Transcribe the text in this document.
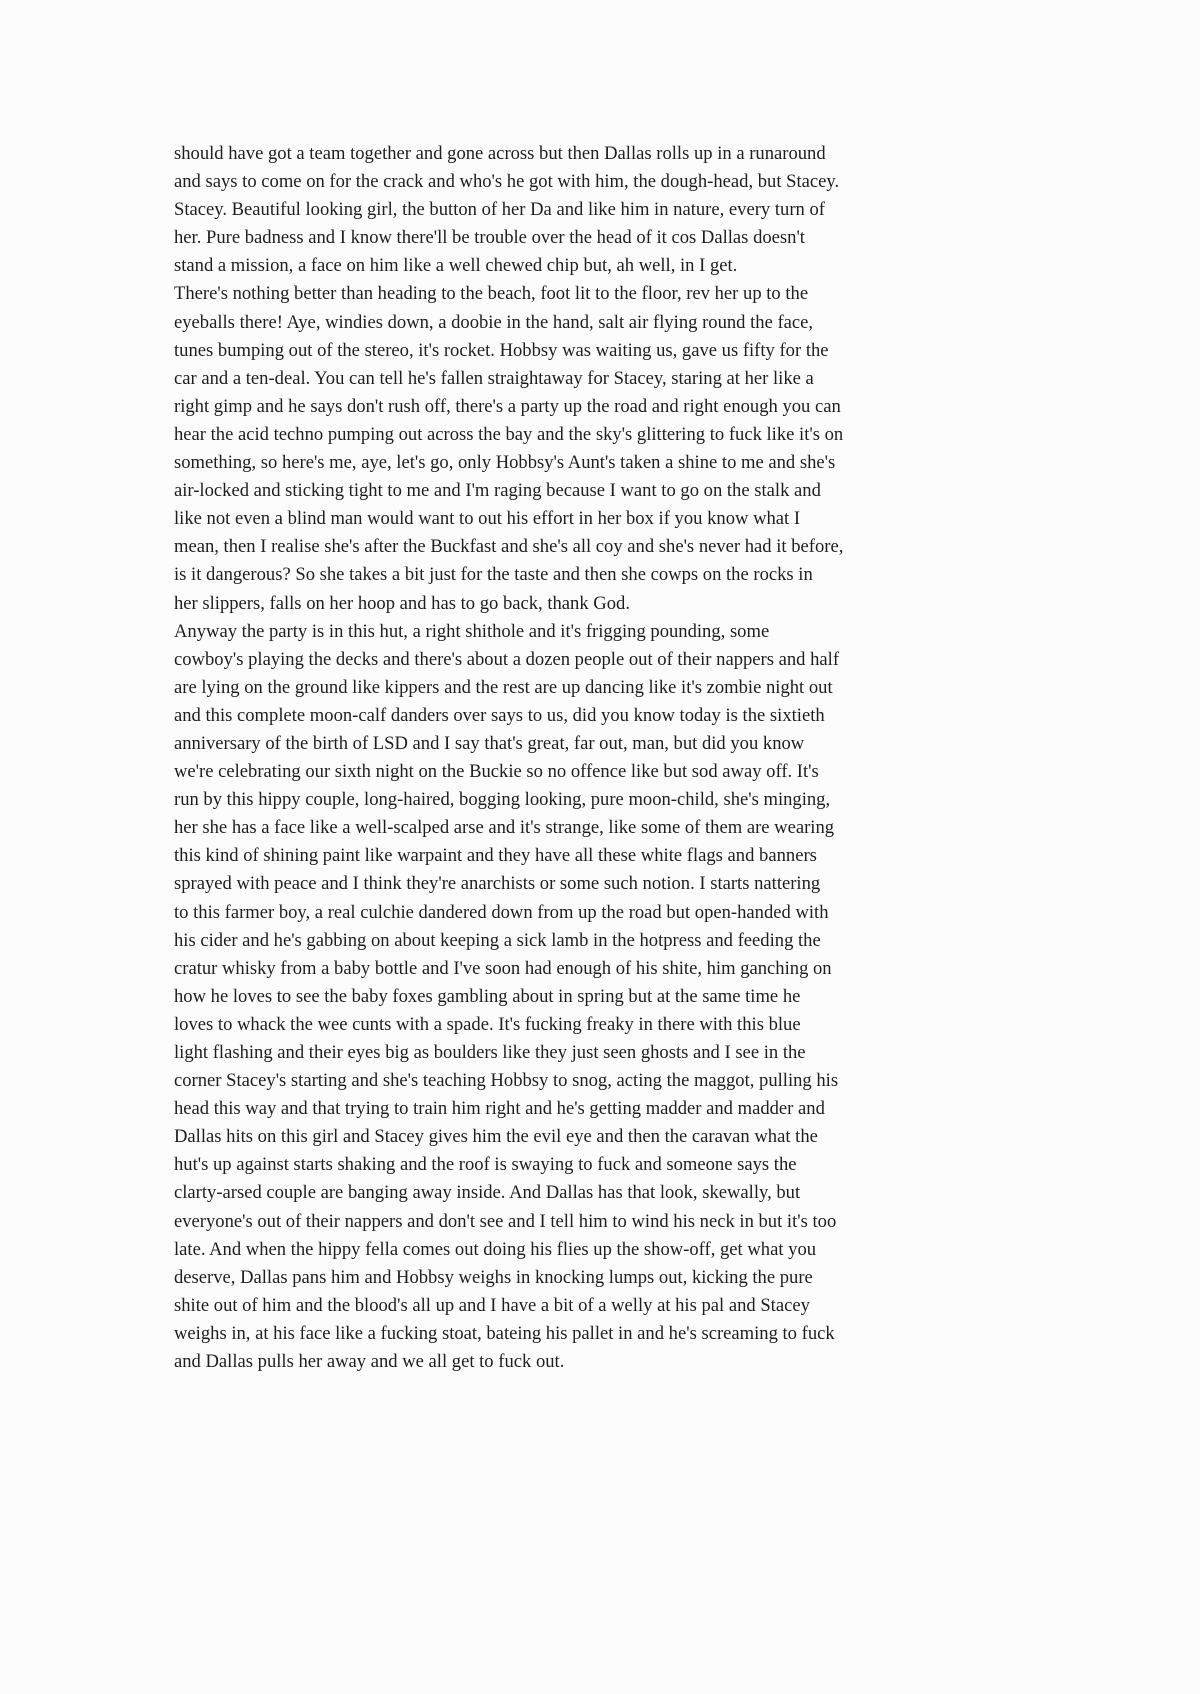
should have got a team together and gone across but then Dallas rolls up in a runaround
and says to come on for the crack and who's he got with him, the dough-head, but Stacey.
Stacey. Beautiful looking girl, the button of her Da and like him in nature, every turn of
her. Pure badness and I know there'll be trouble over the head of it cos Dallas doesn't
stand a mission, a face on him like a well chewed chip but, ah well, in I get.
There's nothing better than heading to the beach, foot lit to the floor, rev her up to the
eyeballs there! Aye, windies down, a doobie in the hand, salt air flying round the face,
tunes bumping out of the stereo, it's rocket. Hobbsy was waiting us, gave us fifty for the
car and a ten-deal. You can tell he's fallen straightaway for Stacey, staring at her like a
right gimp and he says don't rush off, there's a party up the road and right enough you can
hear the acid techno pumping out across the bay and the sky's glittering to fuck like it's on
something, so here's me, aye, let's go, only Hobbsy's Aunt's taken a shine to me and she's
air-locked and sticking tight to me and I'm raging because I want to go on the stalk and
like not even a blind man would want to out his effort in her box if you know what I
mean, then I realise she's after the Buckfast and she's all coy and she's never had it before,
is it dangerous? So she takes a bit just for the taste and then she cowps on the rocks in
her slippers, falls on her hoop and has to go back, thank God.
Anyway the party is in this hut, a right shithole and it's frigging pounding, some
cowboy's playing the decks and there's about a dozen people out of their nappers and half
are lying on the ground like kippers and the rest are up dancing like it's zombie night out
and this complete moon-calf danders over says to us, did you know today is the sixtieth
anniversary of the birth of LSD and I say that's great, far out, man, but did you know
we're celebrating our sixth night on the Buckie so no offence like but sod away off. It's
run by this hippy couple, long-haired, bogging looking, pure moon-child, she's minging,
her she has a face like a well-scalped arse and it's strange, like some of them are wearing
this kind of shining paint like warpaint and they have all these white flags and banners
sprayed with peace and I think they're anarchists or some such notion. I starts nattering
to this farmer boy, a real culchie dandered down from up the road but open-handed with
his cider and he's gabbing on about keeping a sick lamb in the hotpress and feeding the
cratur whisky from a baby bottle and I've soon had enough of his shite, him ganching on
how he loves to see the baby foxes gambling about in spring but at the same time he
loves to whack the wee cunts with a spade. It's fucking freaky in there with this blue
light flashing and their eyes big as boulders like they just seen ghosts and I see in the
corner Stacey's starting and she's teaching Hobbsy to snog, acting the maggot, pulling his
head this way and that trying to train him right and he's getting madder and madder and
Dallas hits on this girl and Stacey gives him the evil eye and then the caravan what the
hut's up against starts shaking and the roof is swaying to fuck and someone says the
clarty-arsed couple are banging away inside. And Dallas has that look, skewally, but
everyone's out of their nappers and don't see and I tell him to wind his neck in but it's too
late. And when the hippy fella comes out doing his flies up the show-off, get what you
deserve, Dallas pans him and Hobbsy weighs in knocking lumps out, kicking the pure
shite out of him and the blood's all up and I have a bit of a welly at his pal and Stacey
weighs in, at his face like a fucking stoat, bateing his pallet in and he's screaming to fuck
and Dallas pulls her away and we all get to fuck out.
